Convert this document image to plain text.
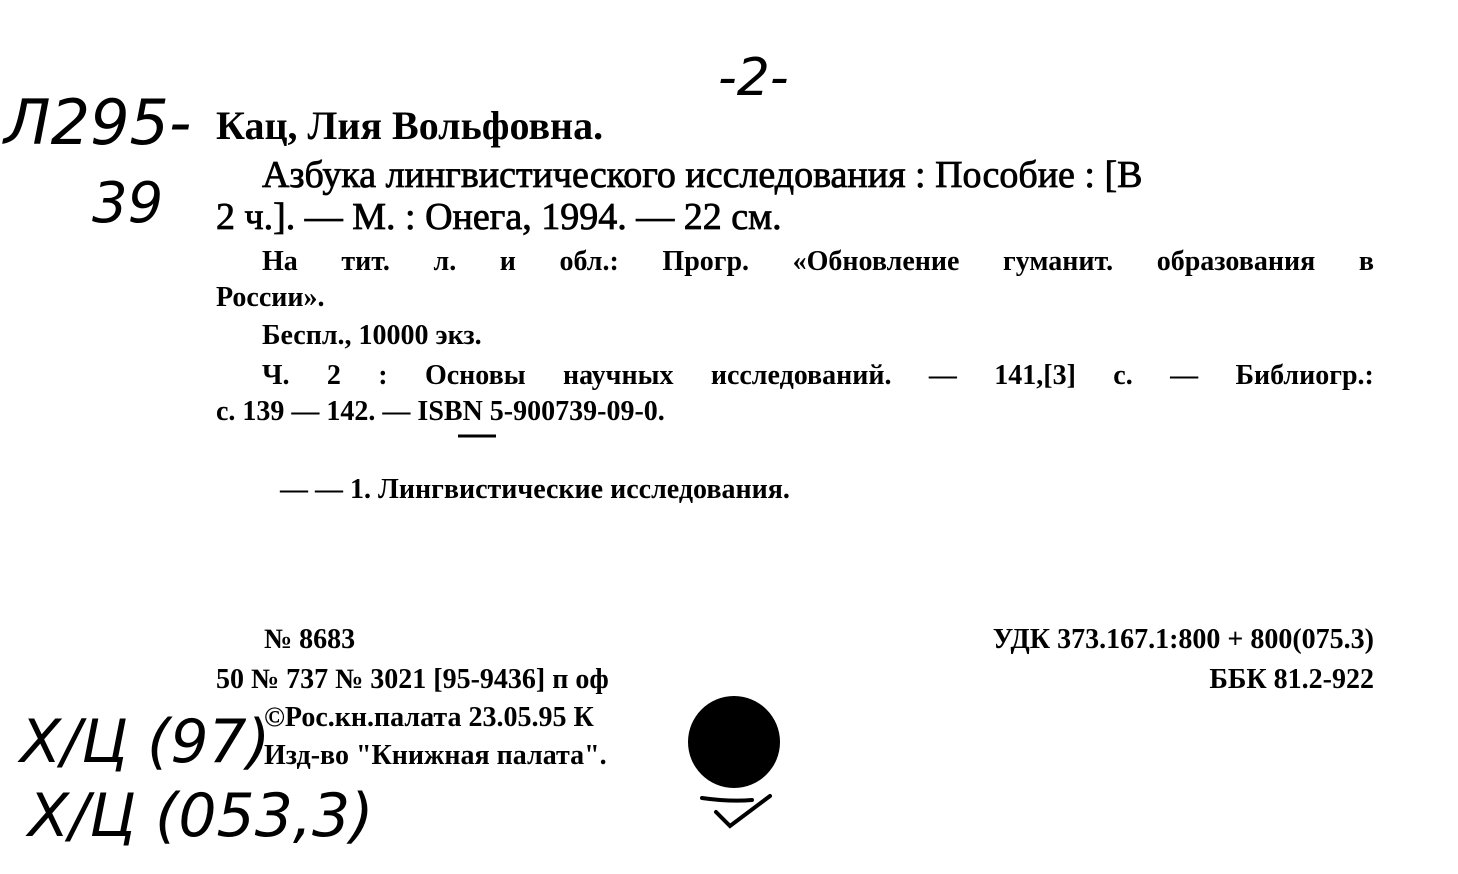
-2-
Л295-
39
Кац, Лия Вольфовна.
Азбука лингвистического исследования : Пособие : [В
2 ч.]. — М. : Онега, 1994. — 22 см.
На тит. л. и обл.: Прогр. «Обновление гуманит. образования в
России».
Беспл., 10000 экз.
Ч. 2 : Основы научных исследований. — 141,[3] с. — Библиогр.:
с. 139 — 142. — ISBN 5-900739-09-0.
— — 1. Лингвистические исследования.
№ 8683	УДК 373.167.1:800 + 800(075.3)
50 № 737 № 3021 [95-9436] п оф	ББК 81.2-922
©Рос.кн.палата 23.05.95 К
Изд-во "Книжная палата".
Х/Ц (97)
Х/Ц (053,3)
